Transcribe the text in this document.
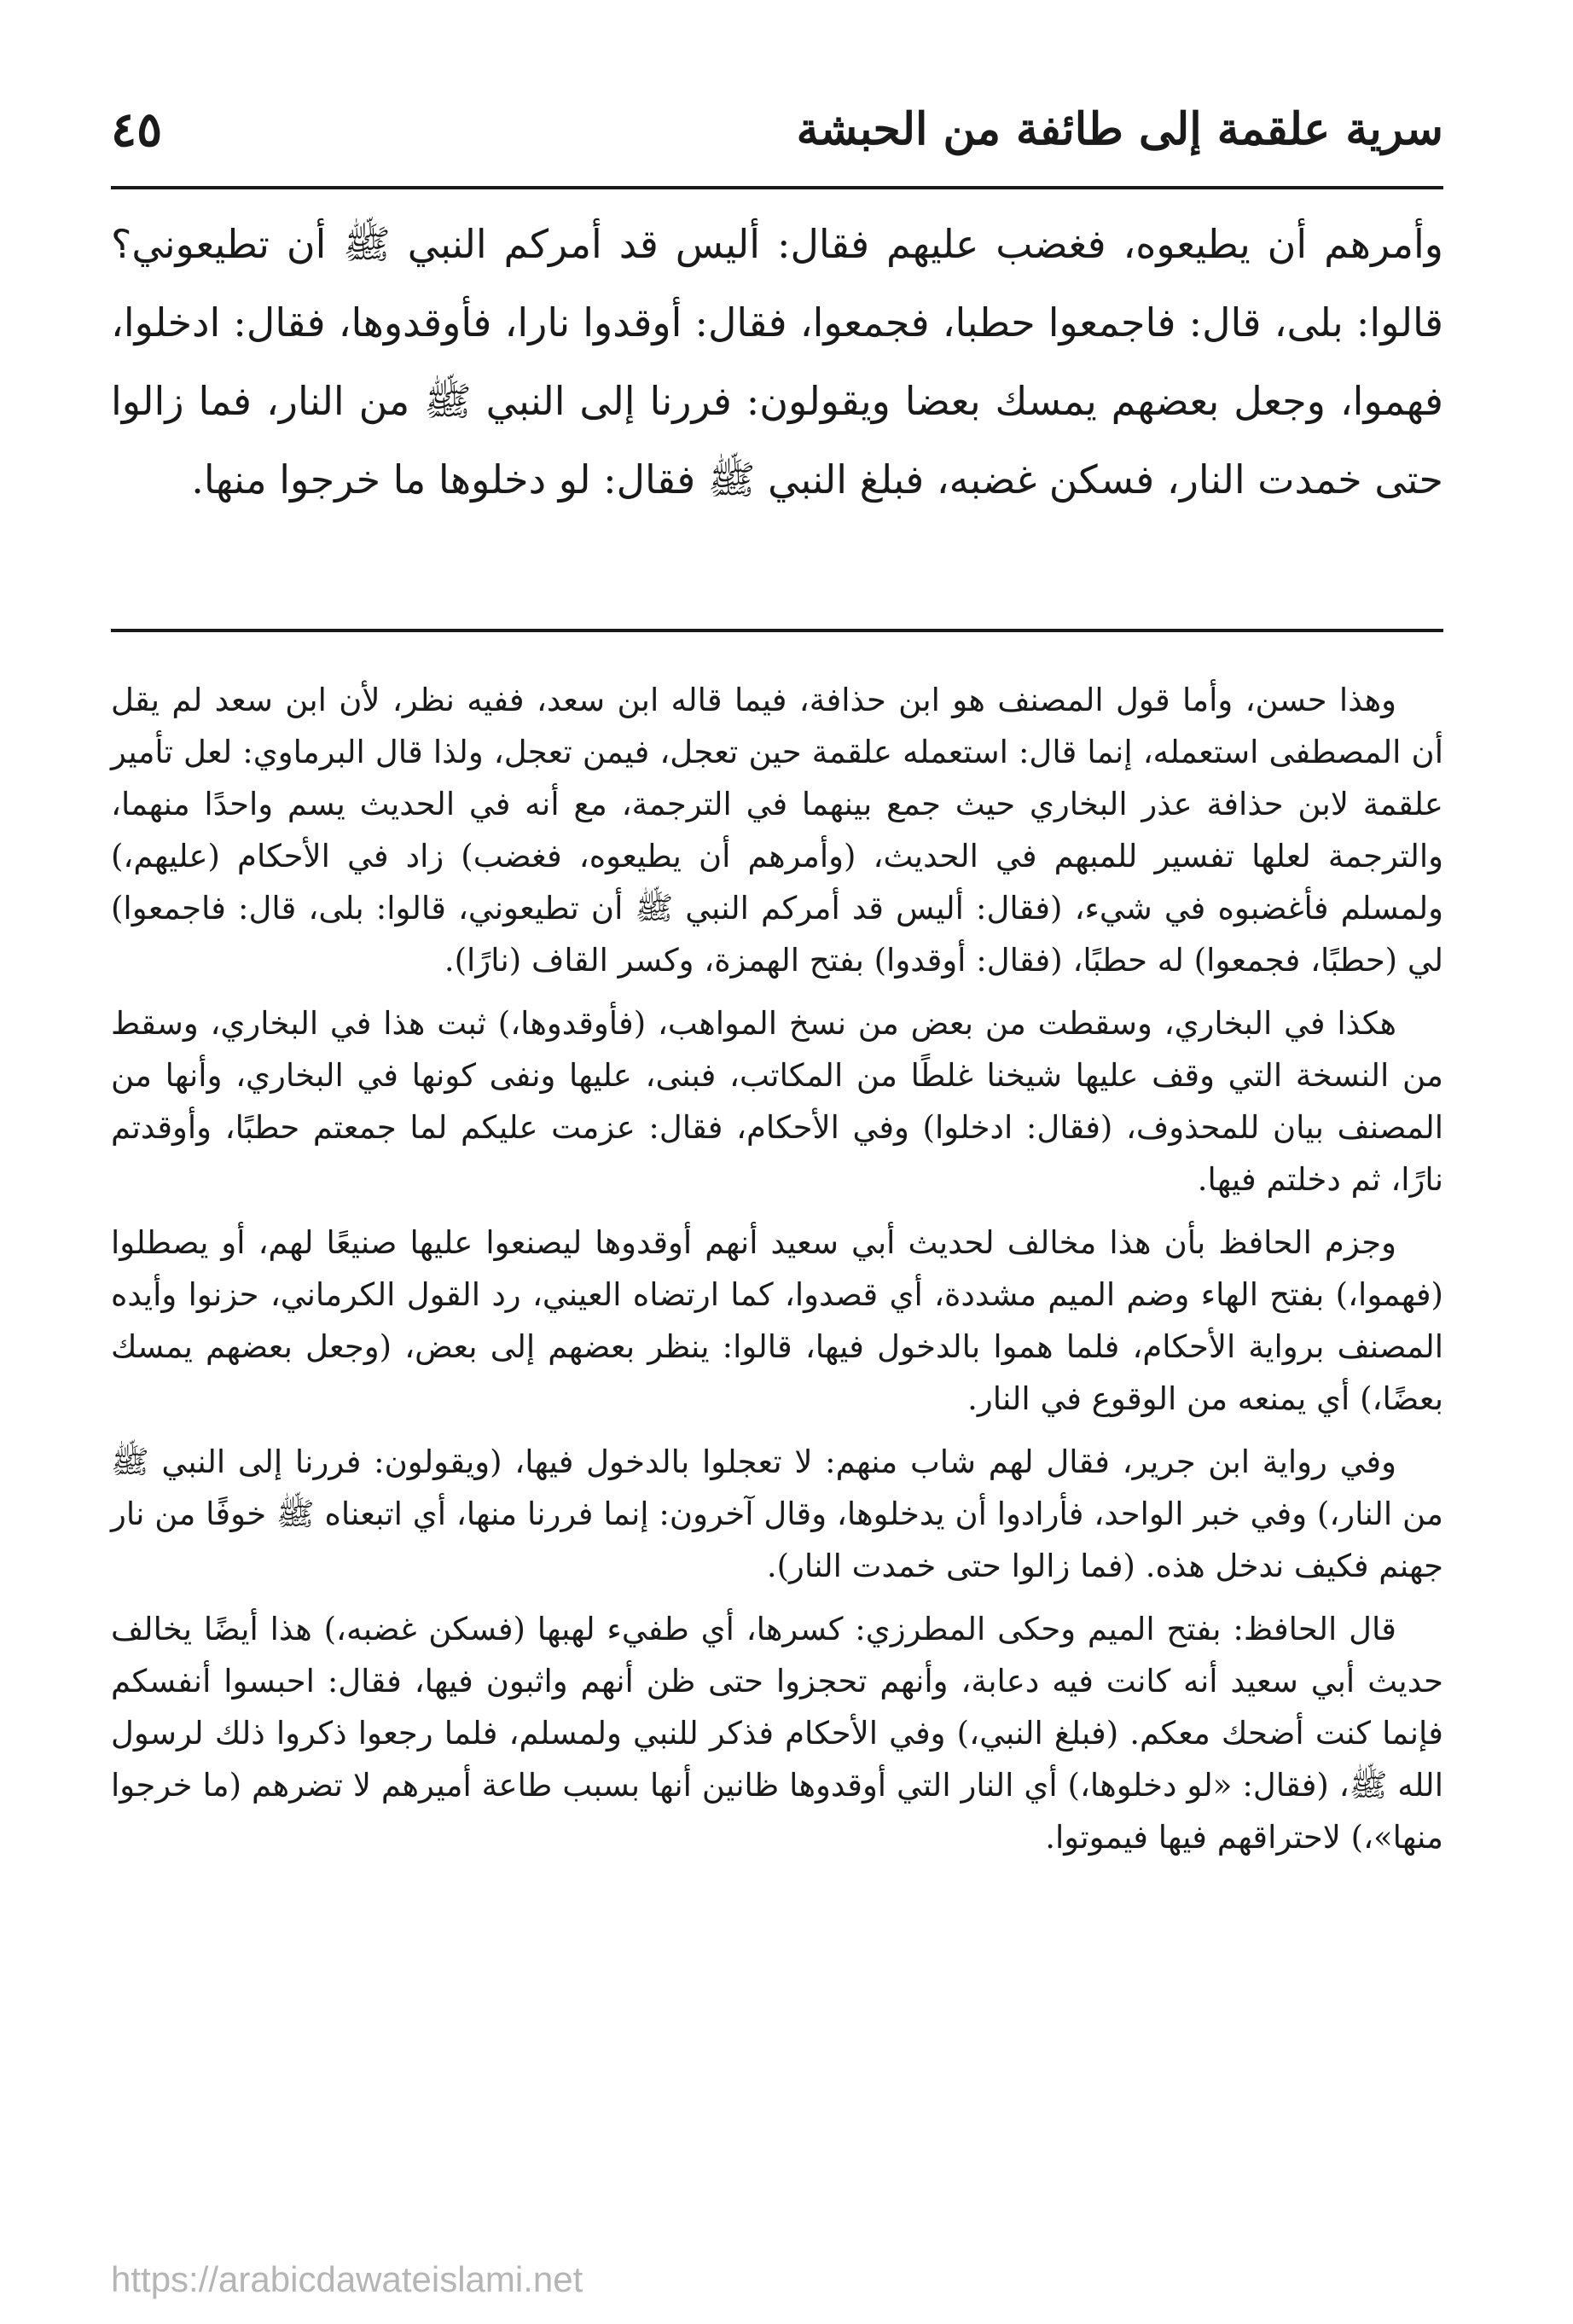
سرية علقمة إلى طائفة من الحبشة
٤٥

وأمرهم أن يطيعوه، فغضب عليهم فقال: أليس قد أمركم النبي ﷺ أن تطيعوني؟ قالوا: بلى، قال: فاجمعوا حطبا، فجمعوا، فقال: أوقدوا نارا، فأوقدوها، فقال: ادخلوا، فهموا، وجعل بعضهم يمسك بعضا ويقولون: فررنا إلى النبي ﷺ من النار، فما زالوا حتى خمدت النار، فسكن غضبه، فبلغ النبي ﷺ فقال: لو دخلوها ما خرجوا منها.

وهذا حسن، وأما قول المصنف هو ابن حذافة، فيما قاله ابن سعد، ففيه نظر، لأن ابن سعد لم يقل أن المصطفى استعمله، إنما قال: استعمله علقمة حين تعجل، فيمن تعجل، ولذا قال البرماوي: لعل تأمير علقمة لابن حذافة عذر البخاري حيث جمع بينهما في الترجمة، مع أنه في الحديث يسم واحدًا منهما، والترجمة لعلها تفسير للمبهم في الحديث، (وأمرهم أن يطيعوه، فغضب) زاد في الأحكام (عليهم،) ولمسلم فأغضبوه في شيء، (فقال: أليس قد أمركم النبي ﷺ أن تطيعوني، قالوا: بلى، قال: فاجمعوا) لي (حطبًا، فجمعوا) له حطبًا، (فقال: أوقدوا) بفتح الهمزة، وكسر القاف (نارًا).

هكذا في البخاري، وسقطت من بعض من نسخ المواهب، (فأوقدوها،) ثبت هذا في البخاري، وسقط من النسخة التي وقف عليها شيخنا غلطًا من المكاتب، فبنى، عليها ونفى كونها في البخاري، وأنها من المصنف بيان للمحذوف، (فقال: ادخلوا) وفي الأحكام، فقال: عزمت عليكم لما جمعتم حطبًا، وأوقدتم نارًا، ثم دخلتم فيها.

وجزم الحافظ بأن هذا مخالف لحديث أبي سعيد أنهم أوقدوها ليصنعوا عليها صنيعًا لهم، أو يصطلوا (فهموا،) بفتح الهاء وضم الميم مشددة، أي قصدوا، كما ارتضاه العيني، رد القول الكرماني، حزنوا وأيده المصنف برواية الأحكام، فلما هموا بالدخول فيها، قالوا: ينظر بعضهم إلى بعض، (وجعل بعضهم يمسك بعضًا،) أي يمنعه من الوقوع في النار.

وفي رواية ابن جرير، فقال لهم شاب منهم: لا تعجلوا بالدخول فيها، (ويقولون: فررنا إلى النبي ﷺ من النار،) وفي خبر الواحد، فأرادوا أن يدخلوها، وقال آخرون: إنما فررنا منها، أي اتبعناه ﷺ خوفًا من نار جهنم فكيف ندخل هذه. (فما زالوا حتى خمدت النار).

قال الحافظ: بفتح الميم وحكى المطرزي: كسرها، أي طفيء لهبها (فسكن غضبه،) هذا أيضًا يخالف حديث أبي سعيد أنه كانت فيه دعابة، وأنهم تحجزوا حتى ظن أنهم واثبون فيها، فقال: احبسوا أنفسكم فإنما كنت أضحك معكم. (فبلغ النبي،) وفي الأحكام فذكر للنبي ولمسلم، فلما رجعوا ذكروا ذلك لرسول الله ﷺ، (فقال: «لو دخلوها،) أي النار التي أوقدوها ظانين أنها بسبب طاعة أميرهم لا تضرهم (ما خرجوا منها»،) لاحتراقهم فيها فيموتوا.

https://arabicdawateislami.net
